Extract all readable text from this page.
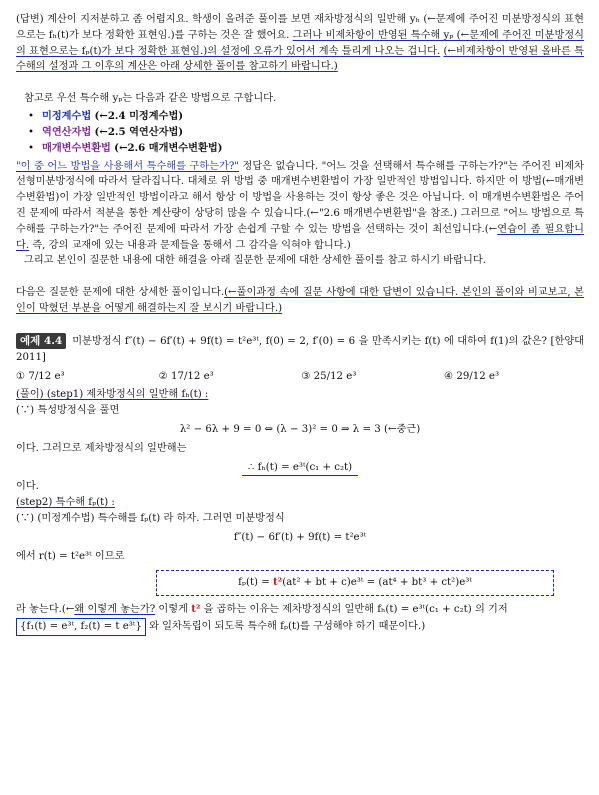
(답변) 계산이 지저분하고 좀 어렵지요. 학생이 올려준 풀이를 보면 재차방정식의 일반해 yₕ (←문제에 주어진 미분방정식의 표현으로는 fₕ(t)가 보다 정확한 표현임.)를 구하는 것은 잘 했어요. 그러나 비제차항이 반영된 특수해 yₚ (←문제에 주어진 미분방정식의 표현으로는 fₚ(t)가 보다 정확한 표현임.)의 설정에 오류가 있어서 계속 틀리게 나오는 겁니다. (←비제차항이 반영된 올바른 특수해의 설정과 그 이후의 계산은 아래 상세한 풀이를 참고하기 바랍니다.)

참고로 우선 특수해 yₚ는 다음과 같은 방법으로 구합니다.

• 미정계수법 (←2.4 미정계수법)
• 역연산자법 (←2.5 역연산자법)
• 매개변수변환법 (←2.6 매개변수변환법)

"이 중 어느 방법을 사용해서 특수해를 구하는가?" 정답은 없습니다. "어느 것을 선택해서 특수해를 구하는가?"는 주어진 비제차선형미분방정식에 따라서 달라집니다. 대체로 위 방법 중 매개변수변환법이 가장 일반적인 방법입니다. 하지만 이 방법(←매개변수변환법)이 가장 일반적인 방법이라고 해서 항상 이 방법을 사용하는 것이 항상 좋은 것은 아닙니다. 이 매개변수변환법은 주어진 문제에 따라서 적분을 통한 계산량이 상당히 많을 수 있습니다.(←"2.6 매개변수변환법"을 참조.) 그러므로 "어느 방법으로 특수해를 구하는가?"는 주어진 문제에 따라서 가장 손쉽게 구할 수 있는 방법을 선택하는 것이 최선입니다.(←연습이 좀 필요합니다. 즉, 강의 교재에 있는 내용과 문제들을 통해서 그 감각을 익혀야 합니다.)

그리고 본인이 질문한 내용에 대한 해결을 아래 질문한 문제에 대한 상세한 풀이를 참고 하시기 바랍니다.

다음은 질문한 문제에 대한 상세한 풀이입니다.(←풀이과정 속에 질문 사항에 대한 답변이 있습니다. 본인의 풀이와 비교보고, 본인이 막혔던 부분을 어떻게 해결하는지 잘 보시기 바랍니다.)

예제 4.4 미분방정식 f″(t) − 6f′(t) + 9f(t) = t²e³ᵗ, f(0) = 2, f′(0) = 6 을 만족시키는 f(t) 에 대하여 f(1)의 값은? [한양대 2011]

① 7/12 e³	② 17/12 e³	③ 25/12 e³	④ 29/12 e³

(풀이) (step1) 제차방정식의 일반해 fₕ(t) :

(∵) 특성방정식을 풀면

λ² − 6λ + 9 = 0 ⇔ (λ − 3)² = 0 ⇒ λ = 3 (←중근)

이다. 그러므로 제차방정식의 일반해는

∴ fₕ(t) = e³ᵗ(c₁ + c₂t)

이다.

(step2) 특수해 fₚ(t) :

(∵) (미정계수법) 특수해를 fₚ(t) 라 하자. 그러면 미분방정식

f″(t) − 6f′(t) + 9f(t) = t²e³ᵗ

에서 r(t) = t²e³ᵗ 이므로

fₚ(t) = t²(at² + bt + c)e³ᵗ = (at⁴ + bt³ + ct²)e³ᵗ

라 놓는다.(←왜 이렇게 놓는가? 이렇게 t² 을 곱하는 이유는 제차방정식의 일반해 fₕ(t) = e³ᵗ(c₁ + c₂t) 의 기저

{f₁(t) = e³ᵗ, f₂(t) = t e³ᵗ} 와 일차독립이 되도록 특수해 fₚ(t)를 구성해야 하기 때문이다.)
